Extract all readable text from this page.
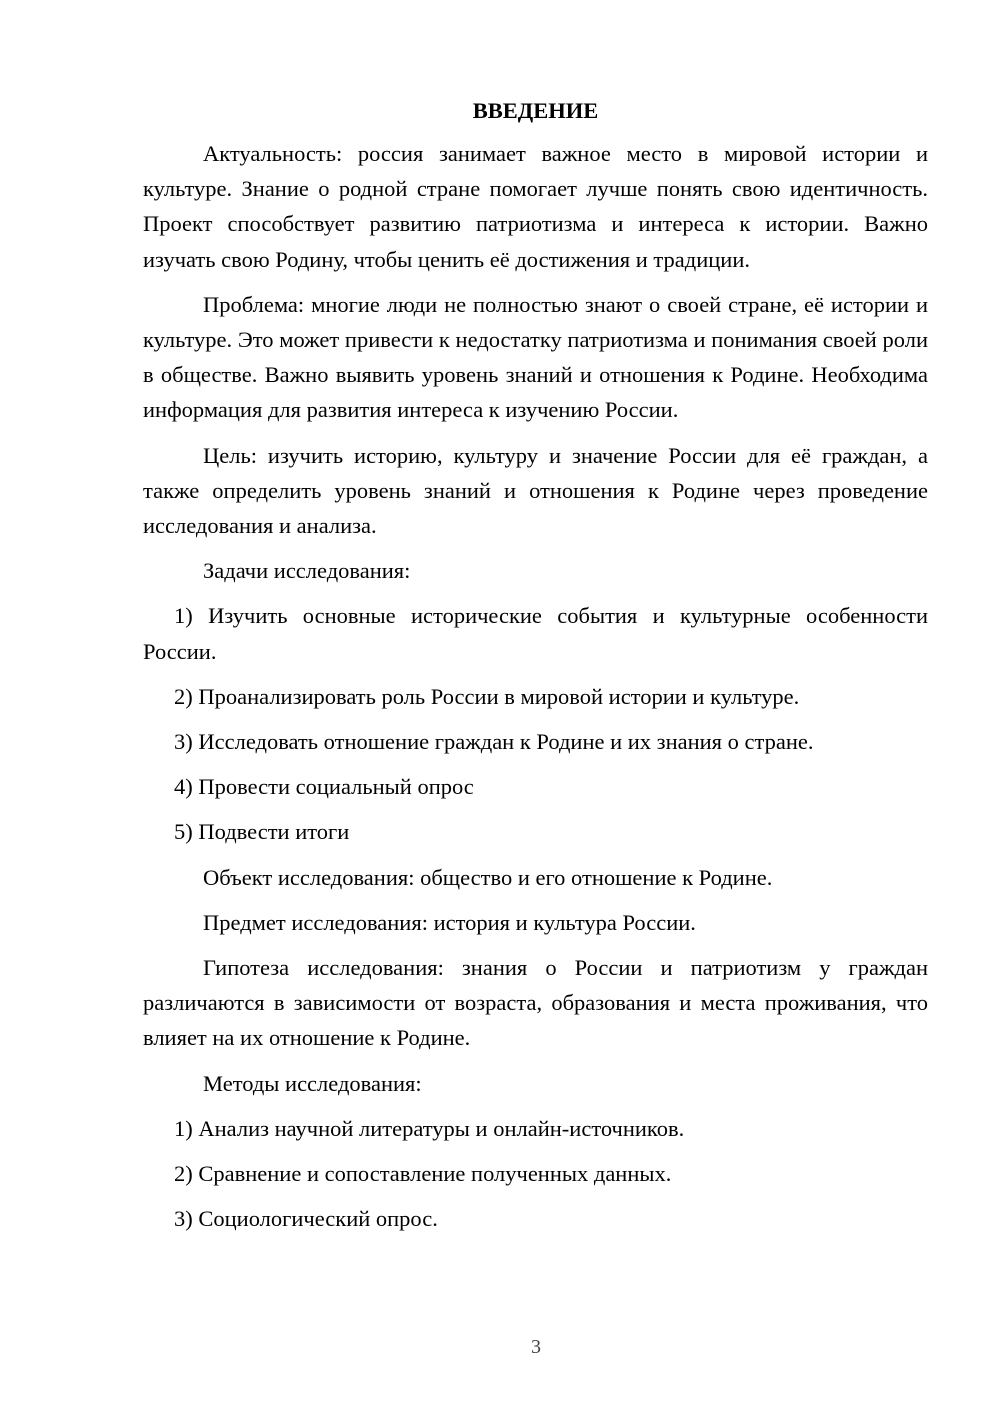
ВВЕДЕНИЕ
Актуальность: россия занимает важное место в мировой истории и культуре. Знание о родной стране помогает лучше понять свою идентичность. Проект способствует развитию патриотизма и интереса к истории. Важно изучать свою Родину, чтобы ценить её достижения и традиции.
Проблема: многие люди не полностью знают о своей стране, её истории и культуре. Это может привести к недостатку патриотизма и понимания своей роли в обществе. Важно выявить уровень знаний и отношения к Родине. Необходима информация для развития интереса к изучению России.
Цель: изучить историю, культуру и значение России для её граждан, а также определить уровень знаний и отношения к Родине через проведение исследования и анализа.
Задачи исследования:
1) Изучить основные исторические события и культурные особенности России.
2) Проанализировать роль России в мировой истории и культуре.
3) Исследовать отношение граждан к Родине и их знания о стране.
4) Провести социальный опрос
5) Подвести итоги
Объект исследования: общество и его отношение к Родине.
Предмет исследования: история и культура России.
Гипотеза исследования: знания о России и патриотизм у граждан различаются в зависимости от возраста, образования и места проживания, что влияет на их отношение к Родине.
Методы исследования:
1) Анализ научной литературы и онлайн-источников.
2) Сравнение и сопоставление полученных данных.
3) Социологический опрос.
3
